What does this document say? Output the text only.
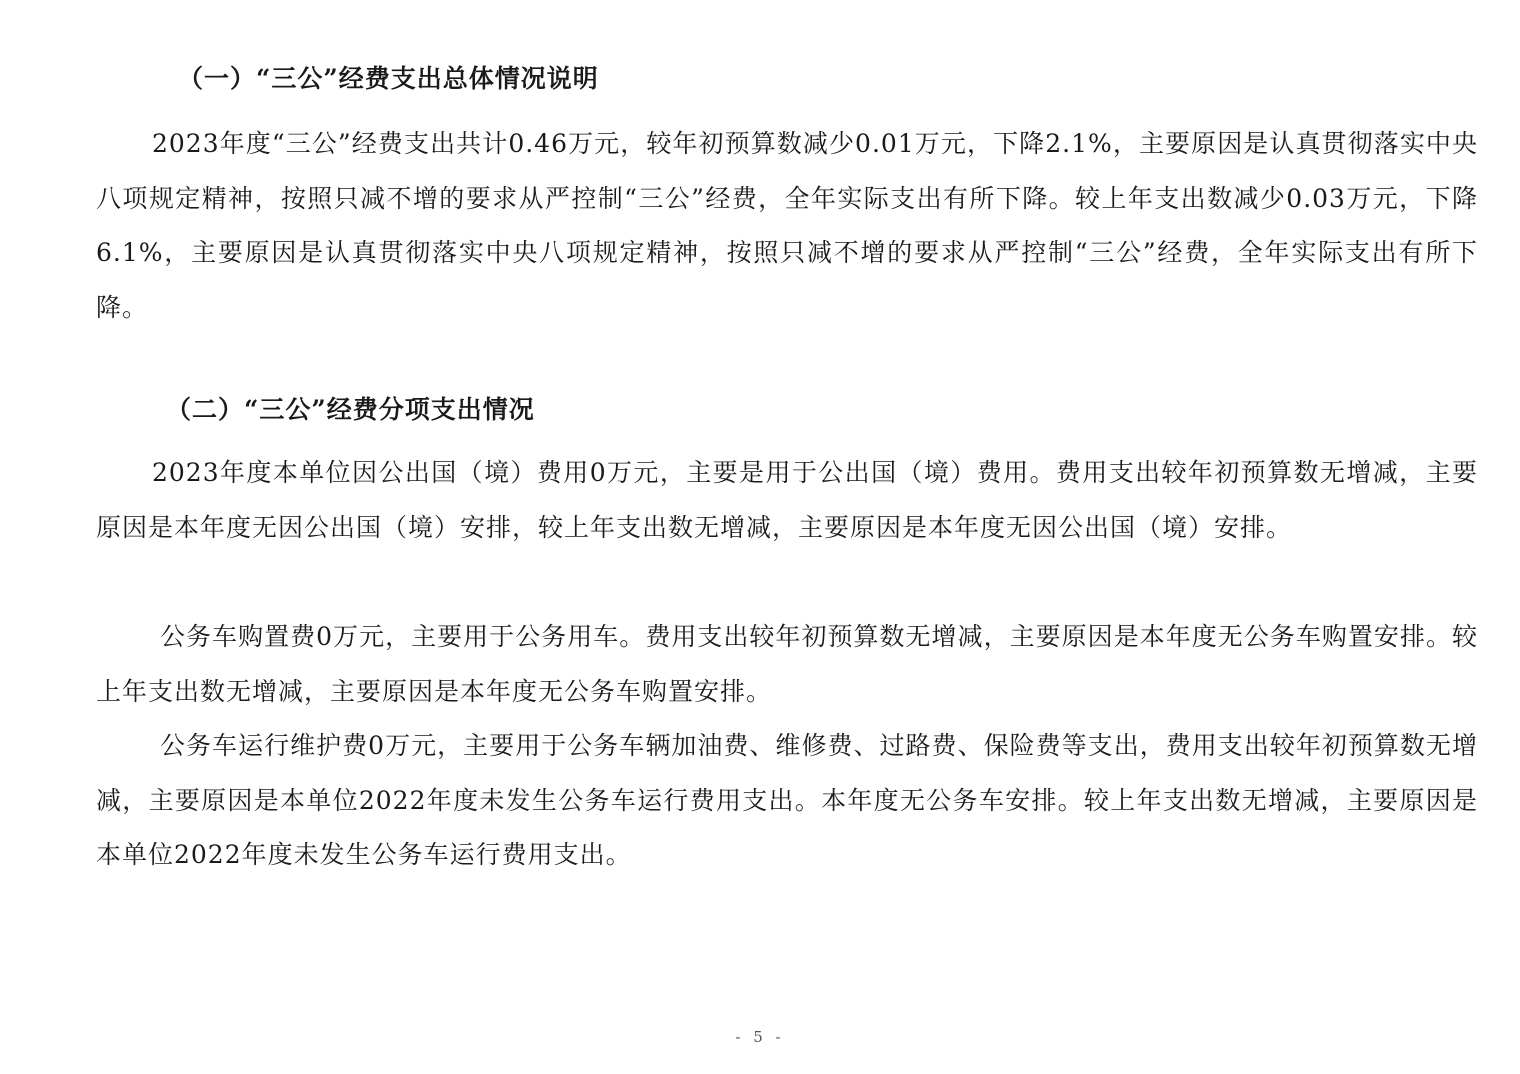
（一）“三公”经费支出总体情况说明

2023年度“三公”经费支出共计0.46万元，较年初预算数减少0.01万元，下降2.1%，主要原因是认真贯彻落实中央八项规定精神，按照只减不增的要求从严控制“三公”经费，全年实际支出有所下降。较上年支出数减少0.03万元，下降6.1%，主要原因是认真贯彻落实中央八项规定精神，按照只减不增的要求从严控制“三公”经费，全年实际支出有所下降。

（二）“三公”经费分项支出情况

2023年度本单位因公出国（境）费用0万元，主要是用于公出国（境）费用。费用支出较年初预算数无增减，主要原因是本年度无因公出国（境）安排，较上年支出数无增减，主要原因是本年度无因公出国（境）安排。

公务车购置费0万元，主要用于公务用车。费用支出较年初预算数无增减，主要原因是本年度无公务车购置安排。较上年支出数无增减，主要原因是本年度无公务车购置安排。

公务车运行维护费0万元，主要用于公务车辆加油费、维修费、过路费、保险费等支出，费用支出较年初预算数无增减，主要原因是本单位2022年度未发生公务车运行费用支出。本年度无公务车安排。较上年支出数无增减，主要原因是本单位2022年度未发生公务车运行费用支出。

- 5 -
